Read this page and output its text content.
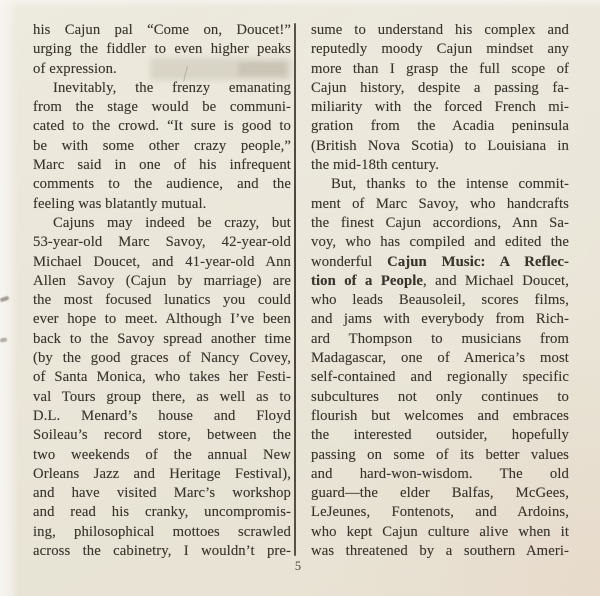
his Cajun pal “Come on, Doucet!”
urging the fiddler to even higher peaks
of expression.
Inevitably, the frenzy emanating
from the stage would be communi-
cated to the crowd. “It sure is good to
be with some other crazy people,”
Marc said in one of his infrequent
comments to the audience, and the
feeling was blatantly mutual.
Cajuns may indeed be crazy, but
53-year-old Marc Savoy, 42-year-old
Michael Doucet, and 41-year-old Ann
Allen Savoy (Cajun by marriage) are
the most focused lunatics you could
ever hope to meet. Although I’ve been
back to the Savoy spread another time
(by the good graces of Nancy Covey,
of Santa Monica, who takes her Festi-
val Tours group there, as well as to
D.L. Menard’s house and Floyd
Soileau’s record store, between the
two weekends of the annual New
Orleans Jazz and Heritage Festival),
and have visited Marc’s workshop
and read his cranky, uncompromis-
ing, philosophical mottoes scrawled
across the cabinetry, I wouldn’t pre-
sume to understand his complex and
reputedly moody Cajun mindset any
more than I grasp the full scope of
Cajun history, despite a passing fa-
miliarity with the forced French mi-
gration from the Acadia peninsula
(British Nova Scotia) to Louisiana in
the mid-18th century.
But, thanks to the intense commit-
ment of Marc Savoy, who handcrafts
the finest Cajun accordions, Ann Sa-
voy, who has compiled and edited the
wonderful Cajun Music: A Reflec-
tion of a People, and Michael Doucet,
who leads Beausoleil, scores films,
and jams with everybody from Rich-
ard Thompson to musicians from
Madagascar, one of America’s most
self-contained and regionally specific
subcultures not only continues to
flourish but welcomes and embraces
the interested outsider, hopefully
passing on some of its better values
and hard-won-wisdom. The old
guard—the elder Balfas, McGees,
LeJeunes, Fontenots, and Ardoins,
who kept Cajun culture alive when it
was threatened by a southern Ameri-
5
